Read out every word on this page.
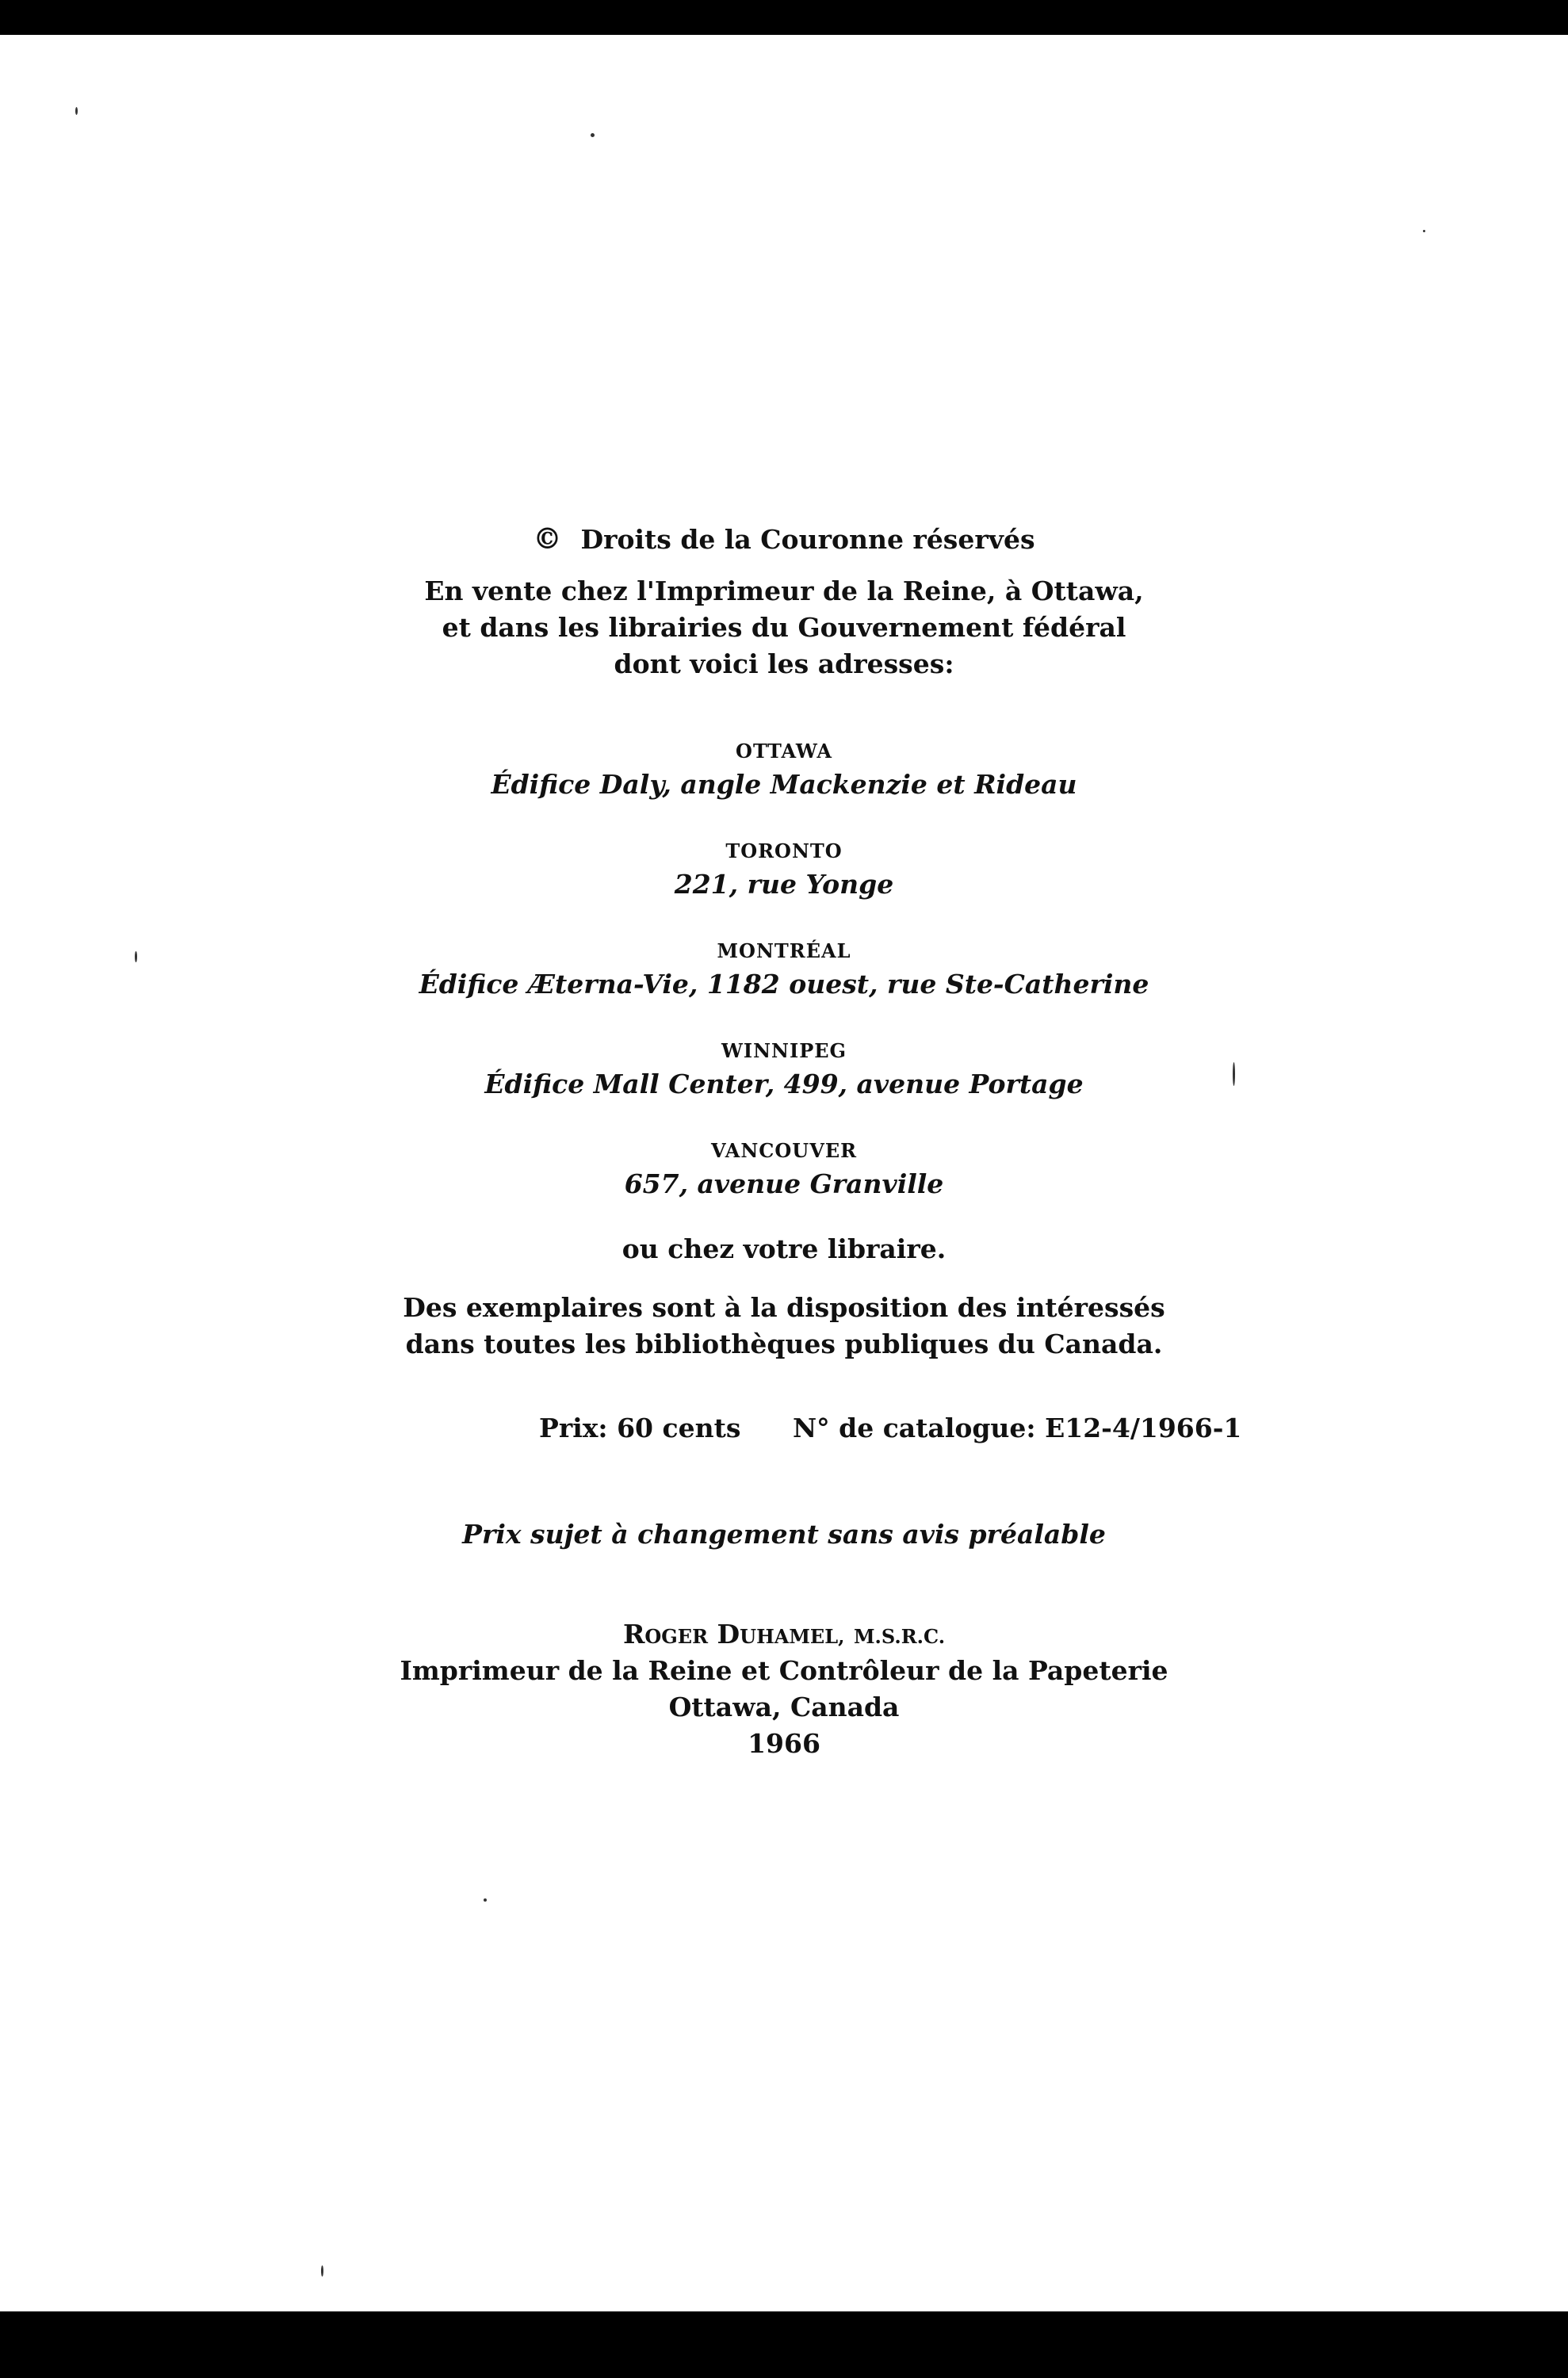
© Droits de la Couronne réservés
En vente chez l'Imprimeur de la Reine, à Ottawa,
et dans les librairies du Gouvernement fédéral
dont voici les adresses:
OTTAWA
Édifice Daly, angle Mackenzie et Rideau
TORONTO
221, rue Yonge
MONTRÉAL
Édifice Æterna-Vie, 1182 ouest, rue Ste-Catherine
WINNIPEG
Édifice Mall Center, 499, avenue Portage
VANCOUVER
657, avenue Granville
ou chez votre libraire.
Des exemplaires sont à la disposition des intéressés
dans toutes les bibliothèques publiques du Canada.
Prix: 60 cents N° de catalogue: E12-4/1966-1
Prix sujet à changement sans avis préalable
ROGER DUHAMEL, M.S.R.C.
Imprimeur de la Reine et Contrôleur de la Papeterie
Ottawa, Canada
1966
